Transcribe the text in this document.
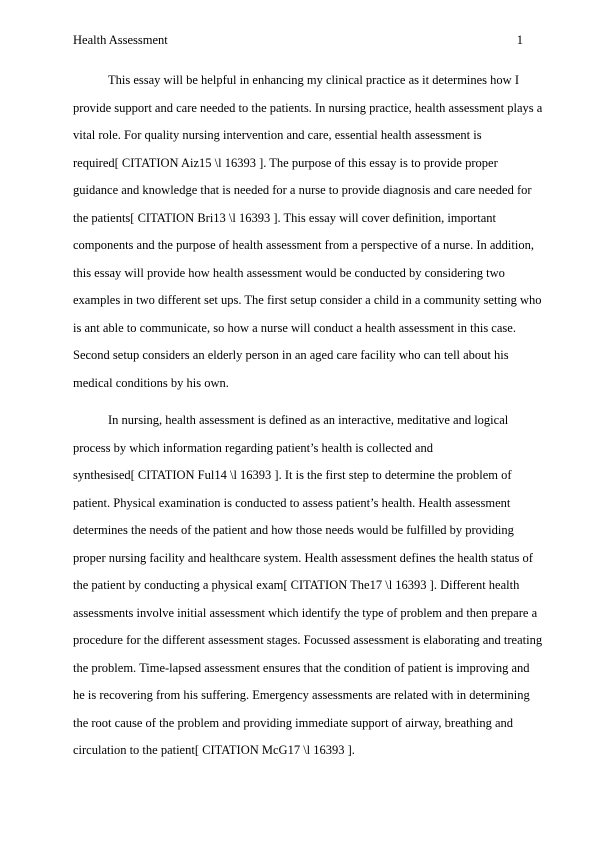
Health Assessment	1
This essay will be helpful in enhancing my clinical practice as it determines how I
provide support and care needed to the patients. In nursing practice, health assessment plays a
vital role. For quality nursing intervention and care, essential health assessment is
required[ CITATION Aiz15 \l 16393 ]. The purpose of this essay is to provide proper
guidance and knowledge that is needed for a nurse to provide diagnosis and care needed for
the patients[ CITATION Bri13 \l 16393 ]. This essay will cover definition, important
components and the purpose of health assessment from a perspective of a nurse. In addition,
this essay will provide how health assessment would be conducted by considering two
examples in two different set ups. The first setup consider a child in a community setting who
is ant able to communicate, so how a nurse will conduct a health assessment in this case.
Second setup considers an elderly person in an aged care facility who can tell about his
medical conditions by his own.
In nursing, health assessment is defined as an interactive, meditative and logical
process by which information regarding patient’s health is collected and
synthesised[ CITATION Ful14 \l 16393 ]. It is the first step to determine the problem of
patient. Physical examination is conducted to assess patient’s health. Health assessment
determines the needs of the patient and how those needs would be fulfilled by providing
proper nursing facility and healthcare system. Health assessment defines the health status of
the patient by conducting a physical exam[ CITATION The17 \l 16393 ]. Different health
assessments involve initial assessment which identify the type of problem and then prepare a
procedure for the different assessment stages. Focussed assessment is elaborating and treating
the problem. Time-lapsed assessment ensures that the condition of patient is improving and
he is recovering from his suffering. Emergency assessments are related with in determining
the root cause of the problem and providing immediate support of airway, breathing and
circulation to the patient[ CITATION McG17 \l 16393 ].
